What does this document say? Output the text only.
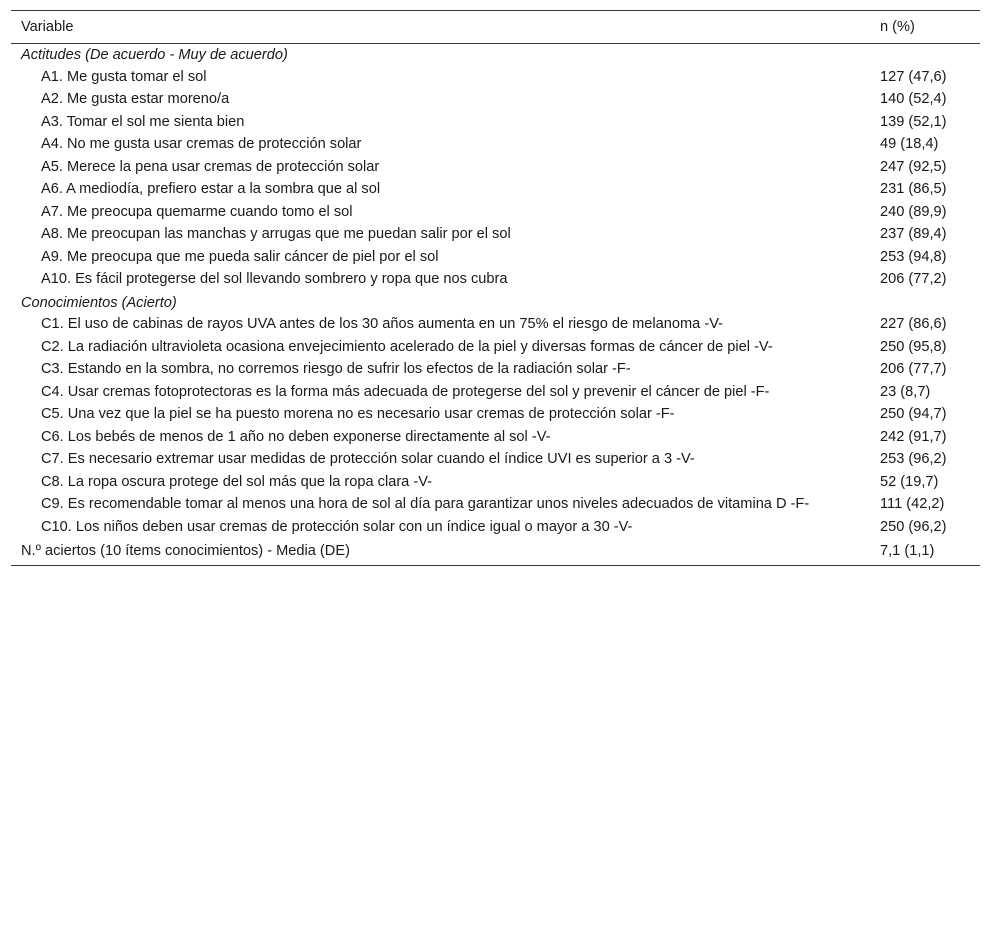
Variable	n (%)
Actitudes (De acuerdo - Muy de acuerdo)	
A1. Me gusta tomar el sol	127 (47,6)
A2. Me gusta estar moreno/a	140 (52,4)
A3. Tomar el sol me sienta bien	139 (52,1)
A4. No me gusta usar cremas de protección solar	49 (18,4)
A5. Merece la pena usar cremas de protección solar	247 (92,5)
A6. A mediodía, prefiero estar a la sombra que al sol	231 (86,5)
A7. Me preocupa quemarme cuando tomo el sol	240 (89,9)
A8. Me preocupan las manchas y arrugas que me puedan salir por el sol	237 (89,4)
A9. Me preocupa que me pueda salir cáncer de piel por el sol	253 (94,8)
A10. Es fácil protegerse del sol llevando sombrero y ropa que nos cubra	206 (77,2)
Conocimientos (Acierto)	
C1. El uso de cabinas de rayos UVA antes de los 30 años aumenta en un 75% el riesgo de melanoma -V-	227 (86,6)
C2. La radiación ultravioleta ocasiona envejecimiento acelerado de la piel y diversas formas de cáncer de piel -V-	250 (95,8)
C3. Estando en la sombra, no corremos riesgo de sufrir los efectos de la radiación solar -F-	206 (77,7)
C4. Usar cremas fotoprotectoras es la forma más adecuada de protegerse del sol y prevenir el cáncer de piel -F-	23 (8,7)
C5. Una vez que la piel se ha puesto morena no es necesario usar cremas de protección solar -F-	250 (94,7)
C6. Los bebés de menos de 1 año no deben exponerse directamente al sol -V-	242 (91,7)
C7. Es necesario extremar usar medidas de protección solar cuando el índice UVI es superior a 3 -V-	253 (96,2)
C8. La ropa oscura protege del sol más que la ropa clara -V-	52 (19,7)
C9. Es recomendable tomar al menos una hora de sol al día para garantizar unos niveles adecuados de vitamina D -F-	111 (42,2)
C10. Los niños deben usar cremas de protección solar con un índice igual o mayor a 30 -V-	250 (96,2)
N.º aciertos (10 ítems conocimientos) - Media (DE)	7,1 (1,1)
